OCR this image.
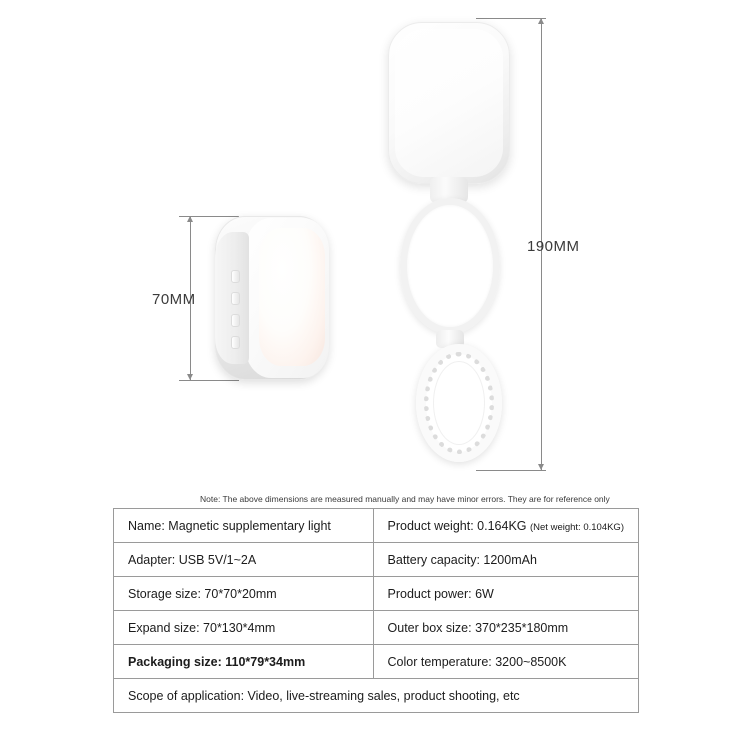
190MM
70MM
Note: The above dimensions are measured manually and may have minor errors. They are for reference only
Name: Magnetic supplementary light	Product weight: 0.164KG (Net weight: 0.104KG)
Adapter: USB 5V/1~2A	Battery capacity: 1200mAh
Storage size: 70*70*20mm	Product power: 6W
Expand size: 70*130*4mm	Outer box size: 370*235*180mm
Packaging size: 110*79*34mm	Color temperature: 3200~8500K
Scope of application: Video, live-streaming sales, product shooting, etc	
